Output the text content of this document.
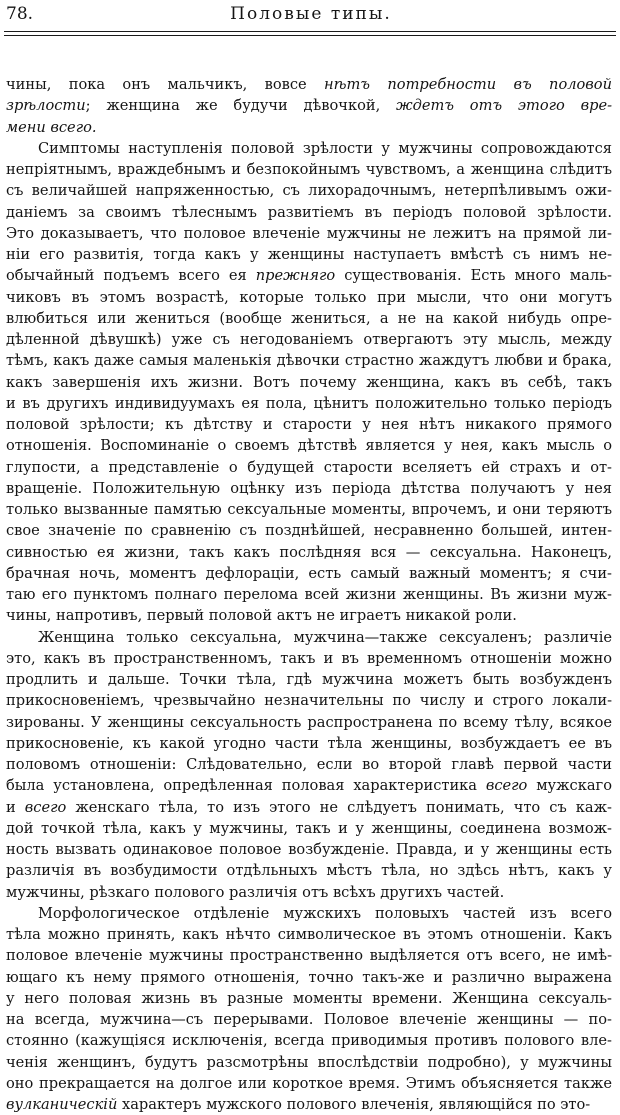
78.	Половые типы.
чины, пока онъ мальчикъ, вовсе нѣтъ потребности въ половой
зрѣлости; женщина же будучи дѣвочкой, ждетъ отъ этого вре-
мени всего.
Симптомы наступленія половой зрѣлости у мужчины сопровождаются
непріятнымъ, враждебнымъ и безпокойнымъ чувствомъ, а женщина слѣдитъ
съ величайшей напряженностью, съ лихорадочнымъ, нетерпѣливымъ ожи-
даніемъ за своимъ тѣлеснымъ развитіемъ въ періодъ половой зрѣлости.
Это доказываетъ, что половое влеченіе мужчины не лежитъ на прямой ли-
ніи его развитія, тогда какъ у женщины наступаетъ вмѣстѣ съ нимъ не-
обычайный подъемъ всего ея прежняго существованія. Есть много маль-
чиковъ въ этомъ возрастѣ, которые только при мысли, что они могутъ
влюбиться или жениться (вообще жениться, а не на какой нибудь опре-
дѣленной дѣвушкѣ) уже съ негодованіемъ отвергаютъ эту мысль, между
тѣмъ, какъ даже самыя маленькія дѣвочки страстно жаждутъ любви и брака,
какъ завершенія ихъ жизни. Вотъ почему женщина, какъ въ себѣ, такъ
и въ другихъ индивидуумахъ ея пола, цѣнитъ положительно только періодъ
половой зрѣлости; къ дѣтству и старости у нея нѣтъ никакого прямого
отношенія. Воспоминаніе о своемъ дѣтствѣ является у нея, какъ мысль о
глупости, а представленіе о будущей старости вселяетъ ей страхъ и от-
вращеніе. Положительную оцѣнку изъ періода дѣтства получаютъ у нея
только вызванные памятью сексуальные моменты, впрочемъ, и они теряютъ
свое значеніе по сравненію съ позднѣйшей, несравненно большей, интен-
сивностью ея жизни, такъ какъ послѣдняя вся — сексуальна. Наконецъ,
брачная ночь, моментъ дефлораціи, есть самый важный моментъ; я счи-
таю его пунктомъ полнаго перелома всей жизни женщины. Въ жизни муж-
чины, напротивъ, первый половой актъ не играетъ никакой роли.
Женщина только сексуальна, мужчина—также сексуаленъ; различіе
это, какъ въ пространственномъ, такъ и въ временномъ отношеніи можно
продлить и дальше. Точки тѣла, гдѣ мужчина можетъ быть возбужденъ
прикосновеніемъ, чрезвычайно незначительны по числу и строго локали-
зированы. У женщины сексуальность распространена по всему тѣлу, всякое
прикосновеніе, къ какой угодно части тѣла женщины, возбуждаетъ ее въ
половомъ отношеніи: Слѣдовательно, если во второй главѣ первой части
была установлена, опредѣленная половая характеристика всего мужскаго
и всего женскаго тѣла, то изъ этого не слѣдуетъ понимать, что съ каж-
дой точкой тѣла, какъ у мужчины, такъ и у женщины, соединена возмож-
ность вызвать одинаковое половое возбужденіе. Правда, и у женщины есть
различія въ возбудимости отдѣльныхъ мѣстъ тѣла, но здѣсь нѣтъ, какъ у
мужчины, рѣзкаго полового различія отъ всѣхъ другихъ частей.
Морфологическое отдѣленіе мужскихъ половыхъ частей изъ всего
тѣла можно принять, какъ нѣчто символическое въ этомъ отношеніи. Какъ
половое влеченіе мужчины пространственно выдѣляется отъ всего, не имѣ-
ющаго къ нему прямого отношенія, точно такъ-же и различно выражена
у него половая жизнь въ разные моменты времени. Женщина сексуаль-
на всегда, мужчина—съ перерывами. Половое влеченіе женщины — по-
стоянно (кажущіяся исключенія, всегда приводимыя противъ полового вле-
ченія женщинъ, будутъ разсмотрѣны впослѣдствіи подробно), у мужчины
оно прекращается на долгое или короткое время. Этимъ объясняется также
вулканическій характеръ мужского полового влеченія, являющійся по это-
